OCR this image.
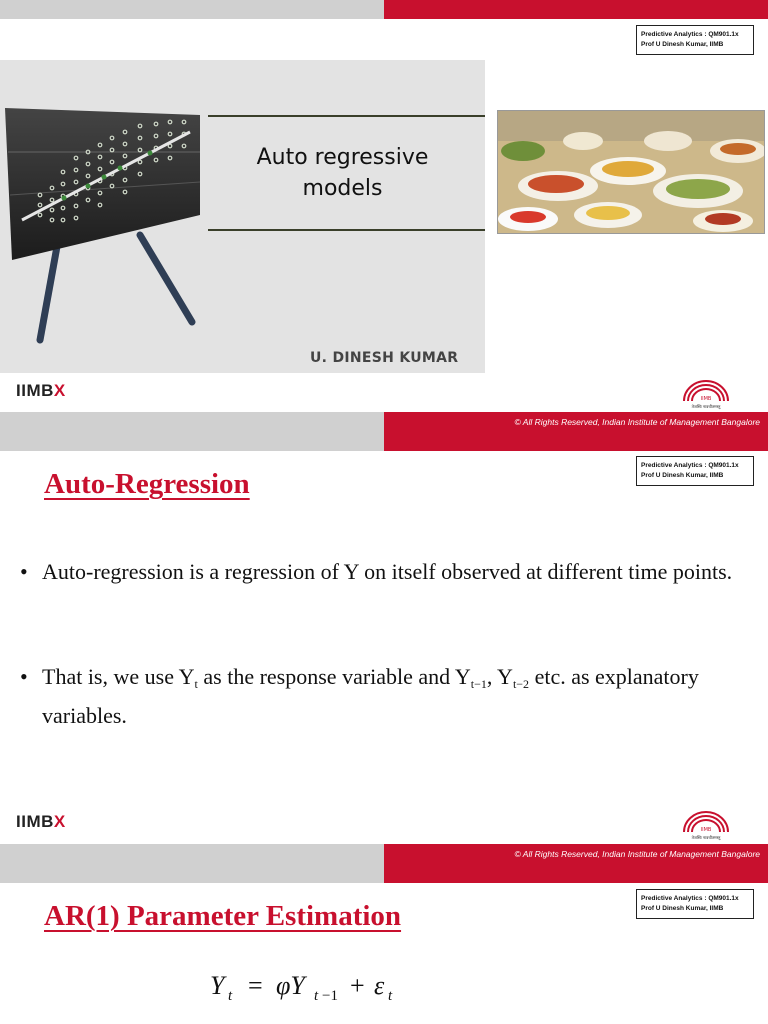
Predictive Analytics : QM901.1x
Prof U Dinesh Kumar, IIMB
Auto regressive
models
U. DINESH KUMAR
IIMBX	IIMB
तेजस्वि नावधीतमस्तु
© All Rights Reserved, Indian Institute of Management Bangalore
Predictive Analytics : QM901.1x
Prof U Dinesh Kumar, IIMB
Auto-Regression
• Auto-regression is a regression of Y on itself observed at different time points.
• That is, we use $Y_t$ as the response variable and $Y_{t-1}$, $Y_{t-2}$ etc. as explanatory variables.
IIMBX	IIMB
तेजस्वि नावधीतमस्तु
© All Rights Reserved, Indian Institute of Management Bangalore
Predictive Analytics : QM901.1x
Prof U Dinesh Kumar, IIMB
AR(1) Parameter Estimation
Y t = φY t −1 + ε t
